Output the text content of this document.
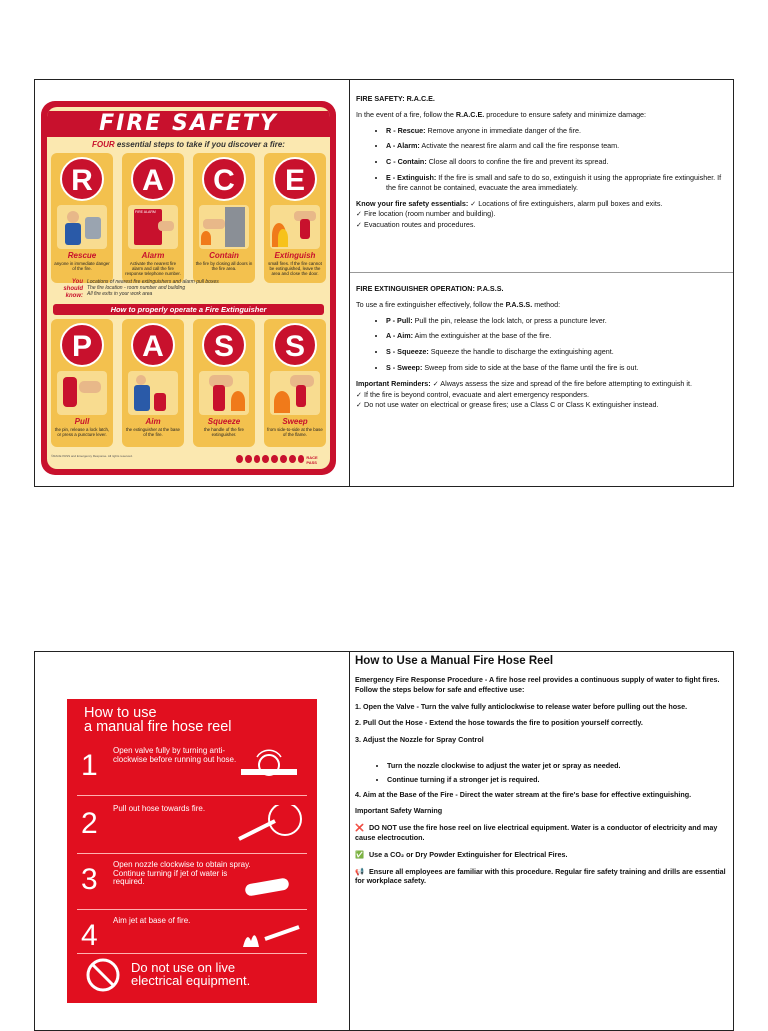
FIRE SAFETY
FOUR essential steps to take if you discover a fire:
R
Rescue
anyone in immediate danger of the fire.
A
FIRE ALARM
Alarm
Activate the nearest fire alarm and call the fire response telephone number.
C
Contain
the fire by closing all doors in the fire area.
E
Extinguish
small fires. If the fire cannot be extinguished, leave the area and close the door.
You should know:
Locations of nearest fire extinguishers and alarm pull boxes
The fire location - room number and building
All fire exits in your work area
How to properly operate a Fire Extinguisher
P
Pull
the pin, release a lock latch, or press a puncture lever.
A
Aim
the extinguisher at the base of the fire.
S
Squeeze
the handle of the fire extinguisher.
S
Sweep
from side-to-side at the base of the flame.
©RACE PASS and Emergency Response. All rights reserved.	RACE PASS

FIRE SAFETY: R.A.C.E.

In the event of a fire, follow the R.A.C.E. procedure to ensure safety and minimize damage:

• R - Rescue: Remove anyone in immediate danger of the fire.
• A - Alarm: Activate the nearest fire alarm and call the fire response team.
• C - Contain: Close all doors to confine the fire and prevent its spread.
• E - Extinguish: If the fire is small and safe to do so, extinguish it using the appropriate fire extinguisher. If the fire cannot be contained, evacuate the area immediately.

Know your fire safety essentials: ✓ Locations of fire extinguishers, alarm pull boxes and exits.

✓ Fire location (room number and building).

✓ Evacuation routes and procedures.

FIRE EXTINGUISHER OPERATION: P.A.S.S.

To use a fire extinguisher effectively, follow the P.A.S.S. method:

• P - Pull: Pull the pin, release the lock latch, or press a puncture lever.
• A - Aim: Aim the extinguisher at the base of the fire.
• S - Squeeze: Squeeze the handle to discharge the extinguishing agent.
• S - Sweep: Sweep from side to side at the base of the flame until the fire is out.

Important Reminders: ✓ Always assess the size and spread of the fire before attempting to extinguish it.

✓ If the fire is beyond control, evacuate and alert emergency responders.

✓ Do not use water on electrical or grease fires; use a Class C or Class K extinguisher instead.

How to use
a manual fire hose reel
1 Open valve fully by turning anti-clockwise before running out hose.
2 Pull out hose towards fire.
3 Open nozzle clockwise to obtain spray. Continue turning if jet of water is required.
4 Aim jet at base of fire.
Do not use on live
electrical equipment.
How to Use a Manual Fire Hose Reel

Emergency Fire Response Procedure - A fire hose reel provides a continuous supply of water to fight fires. Follow the steps below for safe and effective use:

1. Open the Valve - Turn the valve fully anticlockwise to release water before pulling out the hose.

2. Pull Out the Hose - Extend the hose towards the fire to position yourself correctly.

3. Adjust the Nozzle for Spray Control

• Turn the nozzle clockwise to adjust the water jet or spray as needed.
• Continue turning if a stronger jet is required.

4. Aim at the Base of the Fire - Direct the water stream at the fire's base for effective extinguishing.

Important Safety Warning

❌ DO NOT use the fire hose reel on live electrical equipment. Water is a conductor of electricity and may cause electrocution.

✅ Use a CO₂ or Dry Powder Extinguisher for Electrical Fires.

📢 Ensure all employees are familiar with this procedure. Regular fire safety training and drills are essential for workplace safety.
